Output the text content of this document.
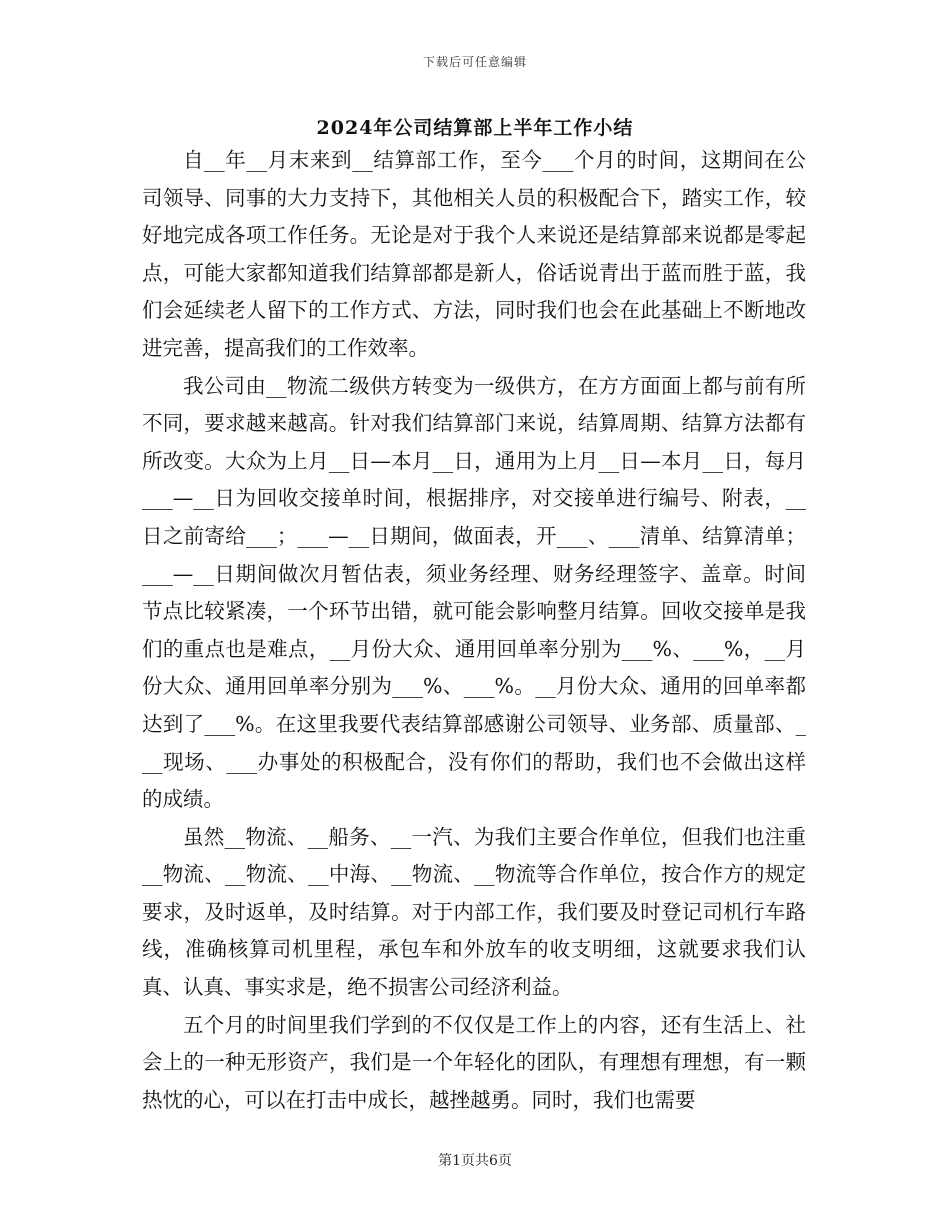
下载后可任意编辑
2024年公司结算部上半年工作小结

自__年__月末来到__结算部工作，至今___个月的时间，这期间在公司领导、同事的大力支持下，其他相关人员的积极配合下，踏实工作，较好地完成各项工作任务。无论是对于我个人来说还是结算部来说都是零起点，可能大家都知道我们结算部都是新人，俗话说青出于蓝而胜于蓝，我们会延续老人留下的工作方式、方法，同时我们也会在此基础上不断地改进完善，提高我们的工作效率。

我公司由__物流二级供方转变为一级供方，在方方面面上都与前有所不同，要求越来越高。针对我们结算部门来说，结算周期、结算方法都有所改变。大众为上月__日—本月__日，通用为上月__日—本月__日，每月___—__日为回收交接单时间，根据排序，对交接单进行编号、附表，__日之前寄给___；___—__日期间，做面表，开___、___清单、结算清单；___—__日期间做次月暂估表，须业务经理、财务经理签字、盖章。时间节点比较紧凑，一个环节出错，就可能会影响整月结算。回收交接单是我们的重点也是难点，__月份大众、通用回单率分别为___%、___%，__月份大众、通用回单率分别为___%、___%。__月份大众、通用的回单率都达到了___%。在这里我要代表结算部感谢公司领导、业务部、质量部、___现场、___办事处的积极配合，没有你们的帮助，我们也不会做出这样的成绩。

虽然__物流、__船务、__一汽、为我们主要合作单位，但我们也注重__物流、__物流、__中海、__物流、__物流等合作单位，按合作方的规定要求，及时返单，及时结算。对于内部工作，我们要及时登记司机行车路线，准确核算司机里程，承包车和外放车的收支明细，这就要求我们认真、认真、事实求是，绝不损害公司经济利益。

五个月的时间里我们学到的不仅仅是工作上的内容，还有生活上、社会上的一种无形资产，我们是一个年轻化的团队，有理想有理想，有一颗热忱的心，可以在打击中成长，越挫越勇。同时，我们也需要

第1页共6页
